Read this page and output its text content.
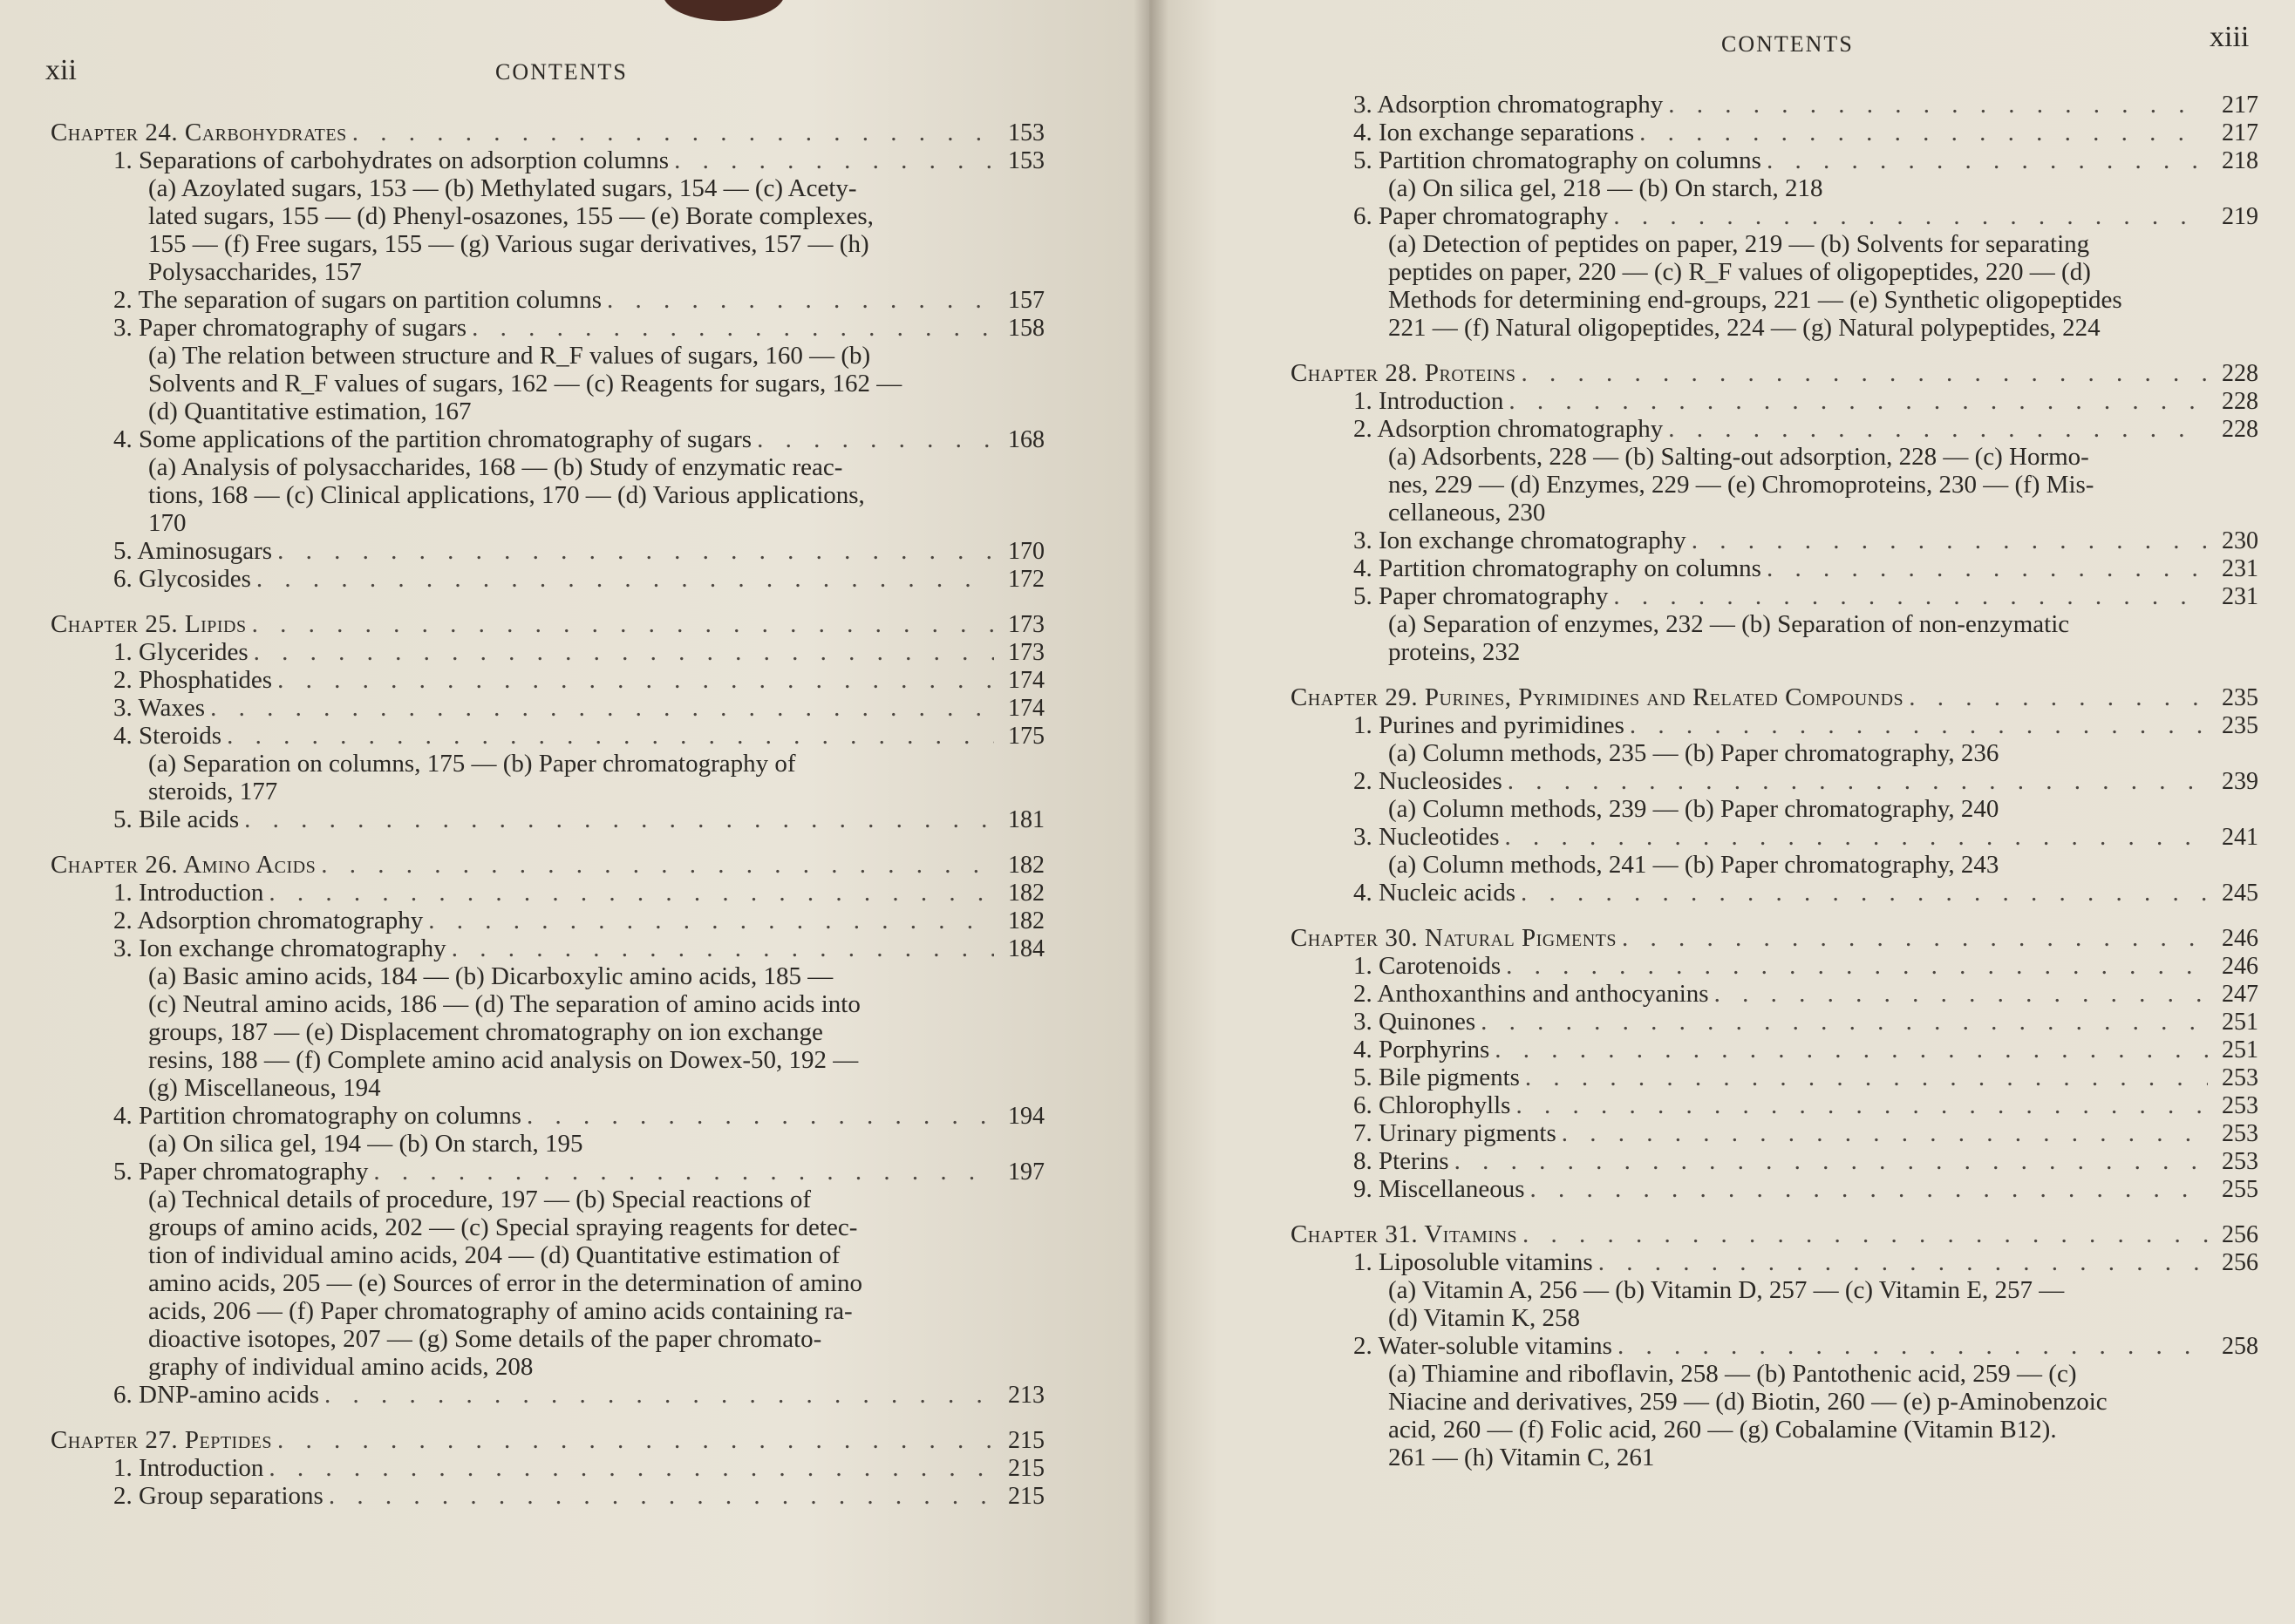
CONTENTS
xii
Chapter 24. Carbohydrates . . .	153
1. Separations of carbohydrates on adsorption columns . . .	153
(a) Azoylated sugars, 153 — (b) Methylated sugars, 154 — (c) Acety-
lated sugars, 155 — (d) Phenyl-osazones, 155 — (e) Borate complexes,
155 — (f) Free sugars, 155 — (g) Various sugar derivatives, 157 — (h)
Polysaccharides, 157
2. The separation of sugars on partition columns . . .	157
3. Paper chromatography of sugars . . .	158
(a) The relation between structure and R_F values of sugars, 160 — (b)
Solvents and R_F values of sugars, 162 — (c) Reagents for sugars, 162 —
(d) Quantitative estimation, 167
4. Some applications of the partition chromatography of sugars . . .	168
(a) Analysis of polysaccharides, 168 — (b) Study of enzymatic reac-
tions, 168 — (c) Clinical applications, 170 — (d) Various applications,
170
5. Aminosugars . . .	170
6. Glycosides . . .	172
Chapter 25. Lipids . . .	173
1. Glycerides . . .	173
2. Phosphatides . . .	174
3. Waxes . . .	174
4. Steroids . . .	175
(a) Separation on columns, 175 — (b) Paper chromatography of
steroids, 177
5. Bile acids . . .	181
Chapter 26. Amino Acids . . .	182
1. Introduction . . .	182
2. Adsorption chromatography . . .	182
3. Ion exchange chromatography . . .	184
(a) Basic amino acids, 184 — (b) Dicarboxylic amino acids, 185 —
(c) Neutral amino acids, 186 — (d) The separation of amino acids into
groups, 187 — (e) Displacement chromatography on ion exchange
resins, 188 — (f) Complete amino acid analysis on Dowex-50, 192 —
(g) Miscellaneous, 194
4. Partition chromatography on columns . . .	194
(a) On silica gel, 194 — (b) On starch, 195
5. Paper chromatography . . .	197
(a) Technical details of procedure, 197 — (b) Special reactions of
groups of amino acids, 202 — (c) Special spraying reagents for detec-
tion of individual amino acids, 204 — (d) Quantitative estimation of
amino acids, 205 — (e) Sources of error in the determination of amino
acids, 206 — (f) Paper chromatography of amino acids containing ra-
dioactive isotopes, 207 — (g) Some details of the paper chromato-
graphy of individual amino acids, 208
6. DNP-amino acids . . .	213
Chapter 27. Peptides . . .	215
1. Introduction . . .	215
2. Group separations . . .	215
CONTENTS	xiii
3. Adsorption chromatography . . .	217
4. Ion exchange separations . . .	217
5. Partition chromatography on columns . . .	218
(a) On silica gel, 218 — (b) On starch, 218
6. Paper chromatography . . .	219
(a) Detection of peptides on paper, 219 — (b) Solvents for separating
peptides on paper, 220 — (c) R_F values of oligopeptides, 220 — (d)
Methods for determining end-groups, 221 — (e) Synthetic oligopeptides
221 — (f) Natural oligopeptides, 224 — (g) Natural polypeptides, 224
Chapter 28. Proteins . . .	228
1. Introduction . . .	228
2. Adsorption chromatography . . .	228
(a) Adsorbents, 228 — (b) Salting-out adsorption, 228 — (c) Hormo-
nes, 229 — (d) Enzymes, 229 — (e) Chromoproteins, 230 — (f) Mis-
cellaneous, 230
3. Ion exchange chromatography . . .	230
4. Partition chromatography on columns . . .	231
5. Paper chromatography . . .	231
(a) Separation of enzymes, 232 — (b) Separation of non-enzymatic
proteins, 232
Chapter 29. Purines, Pyrimidines and Related Compounds . . .	235
1. Purines and pyrimidines . . .	235
(a) Column methods, 235 — (b) Paper chromatography, 236
2. Nucleosides . . .	239
(a) Column methods, 239 — (b) Paper chromatography, 240
3. Nucleotides . . .	241
(a) Column methods, 241 — (b) Paper chromatography, 243
4. Nucleic acids . . .	245
Chapter 30. Natural Pigments . . .	246
1. Carotenoids . . .	246
2. Anthoxanthins and anthocyanins . . .	247
3. Quinones . . .	251
4. Porphyrins . . .	251
5. Bile pigments . . .	253
6. Chlorophylls . . .	253
7. Urinary pigments . . .	253
8. Pterins . . .	253
9. Miscellaneous . . .	255
Chapter 31. Vitamins . . .	256
1. Liposoluble vitamins . . .	256
(a) Vitamin A, 256 — (b) Vitamin D, 257 — (c) Vitamin E, 257 —
(d) Vitamin K, 258
2. Water-soluble vitamins . . .	258
(a) Thiamine and riboflavin, 258 — (b) Pantothenic acid, 259 — (c)
Niacine and derivatives, 259 — (d) Biotin, 260 — (e) p-Aminobenzoic
acid, 260 — (f) Folic acid, 260 — (g) Cobalamine (Vitamin B12).
261 — (h) Vitamin C, 261
